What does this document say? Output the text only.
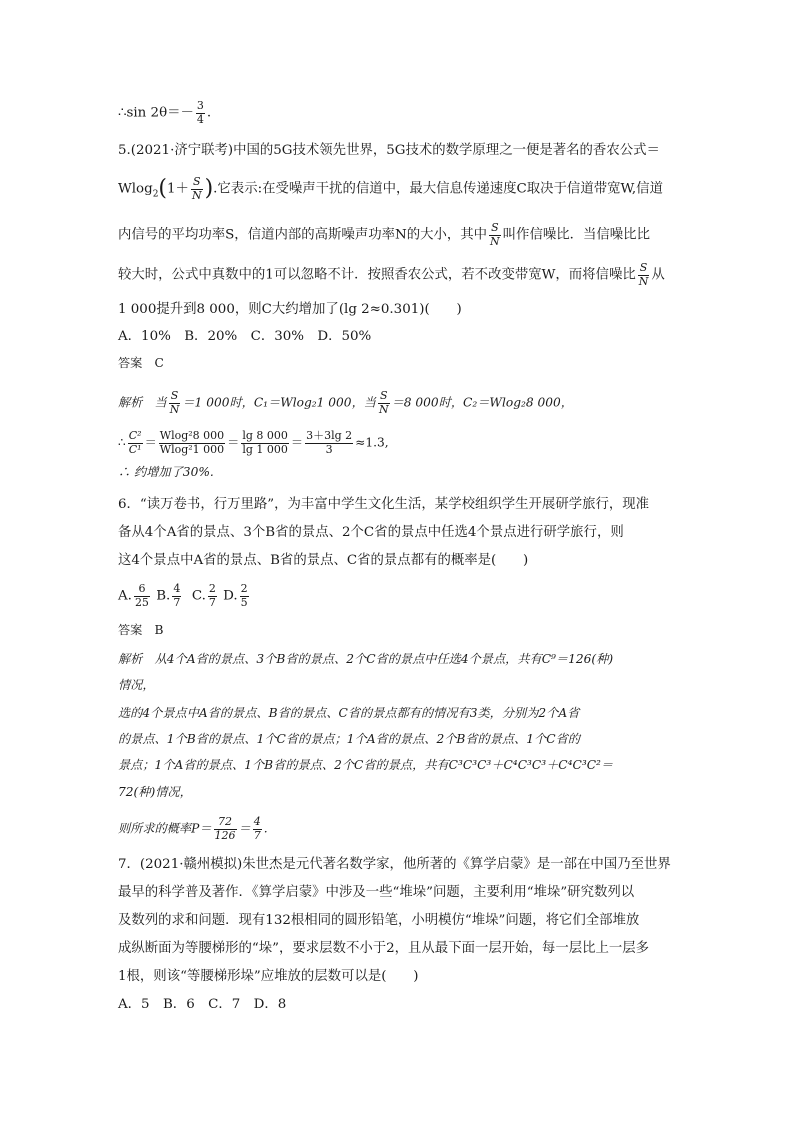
∴sin $2\theta=- \frac{3}{4}$ .
5.(2021·济宁联考)中国的5G技术领先世界，5G技术的数学原理之一便是著名的香农公式＝
$Wlog_2(1+ \frac{S}{N}$ ).它表示:在受噪声干扰的信道中，最大信息传递速度C取决于信道带宽W,信道
内信号的平均功率S，信道内部的高斯噪声功率N的大小，其中 $\frac{S}{N}$ 叫作信噪比．当信噪比比
较大时，公式中真数中的1可以忽略不计．按照香农公式，若不改变带宽W，而将信噪比 $\frac{S}{N}$ 从
1 000提升到8 000，则C大约增加了(lg 2≈0.301)(　　)
A．10%　B．20%　C．30%　D．50%
答案　C
解析　当 $\frac{S}{N} =1$ 000时，C₁＝Wlog₂1 000，当 $\frac{S}{N} =8$ 000时，C₂＝Wlog₂8 000，
∴ $\frac{\text{C²}}{\text{C¹}} = \frac{\text{Wlog²8 000}}{\text{Wlog²1 000}} = \frac{\lg 8 000}{\lg 1 000} = \frac{3+3\lg 2}{3} \approx 1.3$,
∴ 约增加了30%.
6．“读万卷书，行万里路”，为丰富中学生文化生活，某学校组织学生开展研学旅行，现准
备从4个A省的景点、3个B省的景点、2个C省的景点中任选4个景点进行研学旅行，则
这4个景点中A省的景点、B省的景点、C省的景点都有的概率是(　　)
A. $\frac{6}{25} B$. $\frac{4}{7} C$. $\frac{2}{7} D$. $\frac{2}{5}$
答案　B
解析　从4个A省的景点、3个B省的景点、2个C省的景点中任选4个景点，共有C⁹＝126(种)
情况，
选的4个景点中A省的景点、B省的景点、C省的景点都有的情况有3类，分别为2个A省
的景点、1个B省的景点、1个C省的景点；1个A省的景点、2个B省的景点、1个C省的
景点；1个A省的景点、1个B省的景点、2个C省的景点，共有C³C³C³＋C⁴C³C³＋C⁴C³C²＝
72(种)情况，
则所求的概率$P= \frac{72}{126} = \frac{4}{7}$ .
7．(2021·赣州模拟)朱世杰是元代著名数学家，他所著的《算学启蒙》是一部在中国乃至世界
最早的科学普及著作．《算学启蒙》中涉及一些“堆垛”问题，主要利用“堆垛”研究数列以
及数列的求和问题．现有132根相同的圆形铅笔，小明模仿“堆垛”问题，将它们全部堆放
成纵断面为等腰梯形的“垛”，要求层数不小于2，且从最下面一层开始，每一层比上一层多
1根，则该“等腰梯形垛”应堆放的层数可以是(　　)
A．5　B．6　C．7　D．8
